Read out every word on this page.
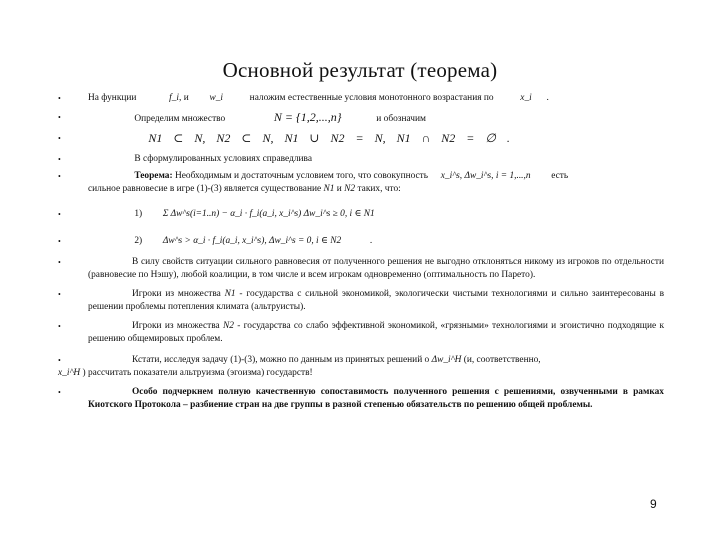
Основной результат (теорема)
•	На функции	f_i, и w_i	наложим естественные условия монотонного возрастания по	x_i .
•	Определим множество	N = {1,2,...,n}	и обозначим
•	N1 ⊂ N, N2 ⊂ N, N1 ∪ N2 = N, N1 ∩ N2 = ∅ .
•	В сформулированных условиях справедлива
•	Теорема: Необходимым и достаточным условием того, что совокупность x_i^s, Δw_i^s, i = 1,...,n есть
сильное равновесие в игре (1)-(3) является существование N1 и N2 таких, что:
•	1) Σ Δw^s(i=1..n) − α_i · f_i(a_i, x_i^s) Δw_i^s ≥ 0, i ∈ N1
•	2) Δw^s > α_i · f_i(a_i, x_i^s), Δw_i^s = 0, i ∈ N2	.
•	В силу свойств ситуации сильного равновесия от полученного решения не выгодно отклоняться никому из игроков по отдельности (равновесие по Нэшу), любой коалиции, в том числе и всем игрокам одновременно (оптимальность по Парето).
•	Игроки из множества N1 - государства с сильной экономикой, экологически чистыми технологиями и сильно заинтересованы в решении проблемы потепления климата (альтруисты).
•	Игроки из множества N2 - государства со слабо эффективной экономикой, «грязными» технологиями и эгоистично подходящие к решению общемировых проблем.
•	Кстати, исследуя задачу (1)-(3), можно по данным из принятых решений о Δw_i^H (и, соответственно,
x_i^H ) рассчитать показатели альтруизма (эгоизма) государств!
•	Особо подчеркнем полную качественную сопоставимость полученного решения с решениями, озвученными в рамках Киотского Протокола – разбиение стран на две группы в разной степенью обязательств по решению общей проблемы.
9
